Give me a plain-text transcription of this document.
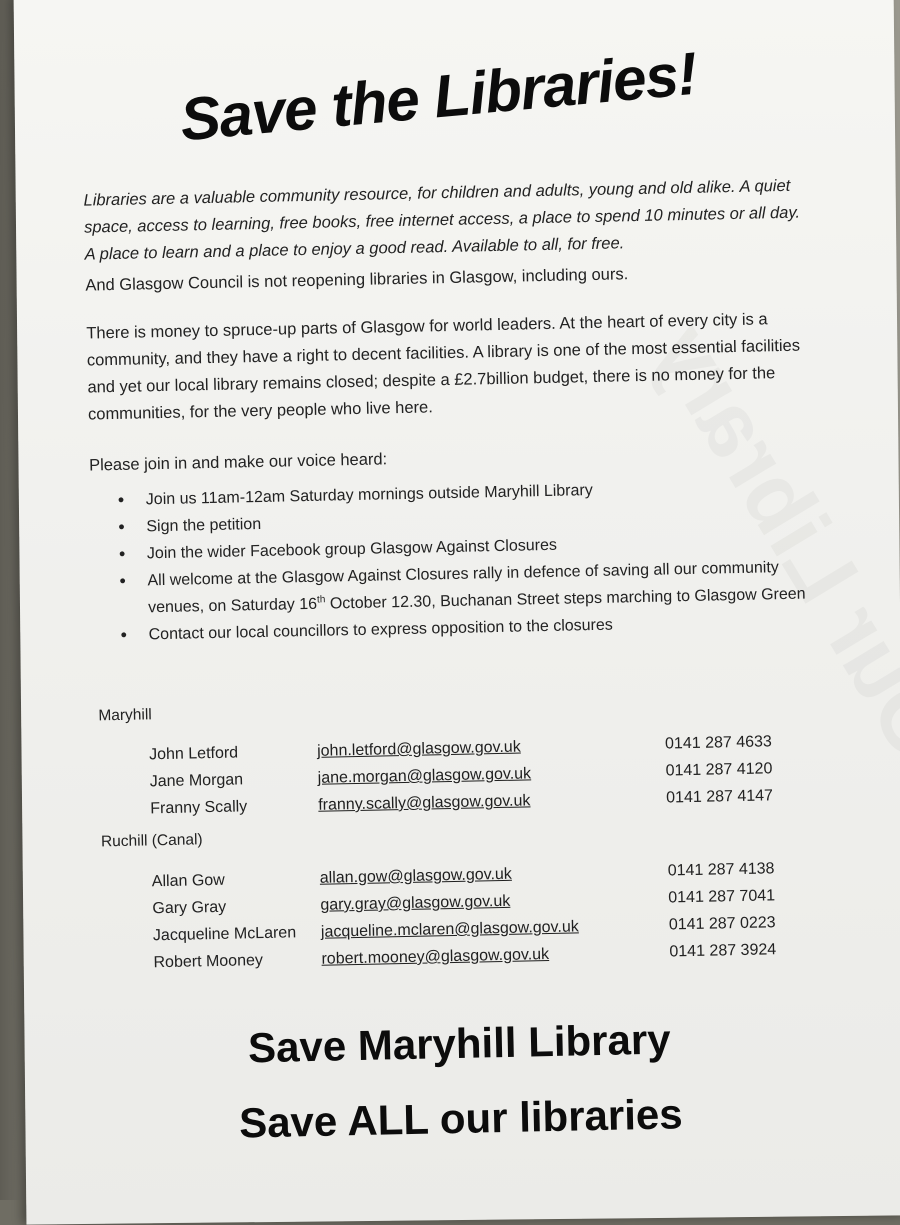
Save the Libraries!
Libraries are a valuable community resource, for children and adults, young and old alike. A quiet space, access to learning, free books, free internet access, a place to spend 10 minutes or all day. A place to learn and a place to enjoy a good read. Available to all, for free.
And Glasgow Council is not reopening libraries in Glasgow, including ours.
There is money to spruce-up parts of Glasgow for world leaders. At the heart of every city is a community, and they have a right to decent facilities. A library is one of the most essential facilities and yet our local library remains closed; despite a £2.7billion budget, there is no money for the communities, for the very people who live here.
Please join in and make our voice heard:
• Join us 11am-12am Saturday mornings outside Maryhill Library
• Sign the petition
• Join the wider Facebook group Glasgow Against Closures
• All welcome at the Glasgow Against Closures rally in defence of saving all our community venues, on Saturday 16th October 12.30, Buchanan Street steps marching to Glasgow Green
• Contact our local councillors to express opposition to the closures
Maryhill
John Letford	john.letford@glasgow.gov.uk	0141 287 4633
Jane Morgan	jane.morgan@glasgow.gov.uk	0141 287 4120
Franny Scally	franny.scally@glasgow.gov.uk	0141 287 4147
Ruchill (Canal)
Allan Gow	allan.gow@glasgow.gov.uk	0141 287 4138
Gary Gray	gary.gray@glasgow.gov.uk	0141 287 7041
Jacqueline McLaren	jacqueline.mclaren@glasgow.gov.uk	0141 287 0223
Robert Mooney	robert.mooney@glasgow.gov.uk	0141 287 3924
Save Maryhill Library
Save ALL our libraries
